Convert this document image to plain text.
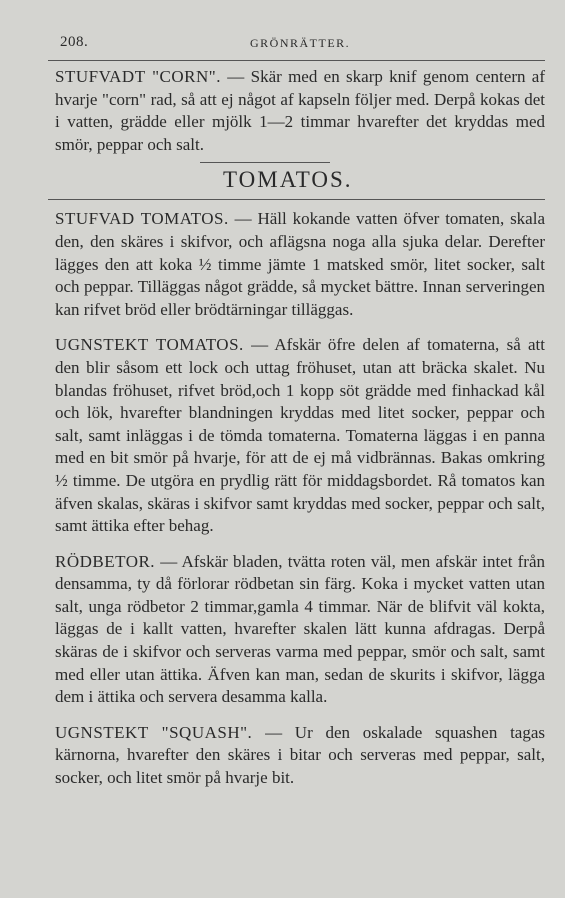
208.	GRÖNRÄTTER.

STUFVADT "CORN". — Skär med en skarp knif genom centern af hvarje "corn" rad, så att ej något af kapseln följer med. Derpå kokas det i vatten, grädde eller mjölk 1—2 timmar hvarefter det kryddas med smör, peppar och salt.

TOMATOS.

STUFVAD TOMATOS. — Häll kokande vatten öfver tomaten, skala den, den skäres i skifvor, och aflägsna noga alla sjuka delar. Derefter lägges den att koka ½ timme jämte 1 matsked smör, litet socker, salt och peppar. Tilläggas något grädde, så mycket bättre. Innan serveringen kan rifvet bröd eller brödtärningar tilläggas.

UGNSTEKT TOMATOS. — Afskär öfre delen af tomaterna, så att den blir såsom ett lock och uttag fröhuset, utan att bräcka skalet. Nu blandas fröhuset, rifvet bröd,och 1 kopp söt grädde med finhackad kål och lök, hvarefter blandningen kryddas med litet socker, peppar och salt, samt inläggas i de tömda tomaterna. Tomaterna läggas i en panna med en bit smör på hvarje, för att de ej må vidbrännas. Bakas omkring ½ timme. De utgöra en prydlig rätt för middagsbordet. Rå tomatos kan äfven skalas, skäras i skifvor samt kryddas med socker, peppar och salt, samt ättika efter behag.

RÖDBETOR. — Afskär bladen, tvätta roten väl, men afskär intet från densamma, ty då förlorar rödbetan sin färg. Koka i mycket vatten utan salt, unga rödbetor 2 timmar,gamla 4 timmar. När de blifvit väl kokta, läggas de i kallt vatten, hvarefter skalen lätt kunna afdragas. Derpå skäras de i skifvor och serveras varma med peppar, smör och salt, samt med eller utan ättika. Äfven kan man, sedan de skurits i skifvor, lägga dem i ättika och servera desamma kalla.

UGNSTEKT "SQUASH". — Ur den oskalade squashen tagas kärnorna, hvarefter den skäres i bitar och serveras med peppar, salt, socker, och litet smör på hvarje bit.
